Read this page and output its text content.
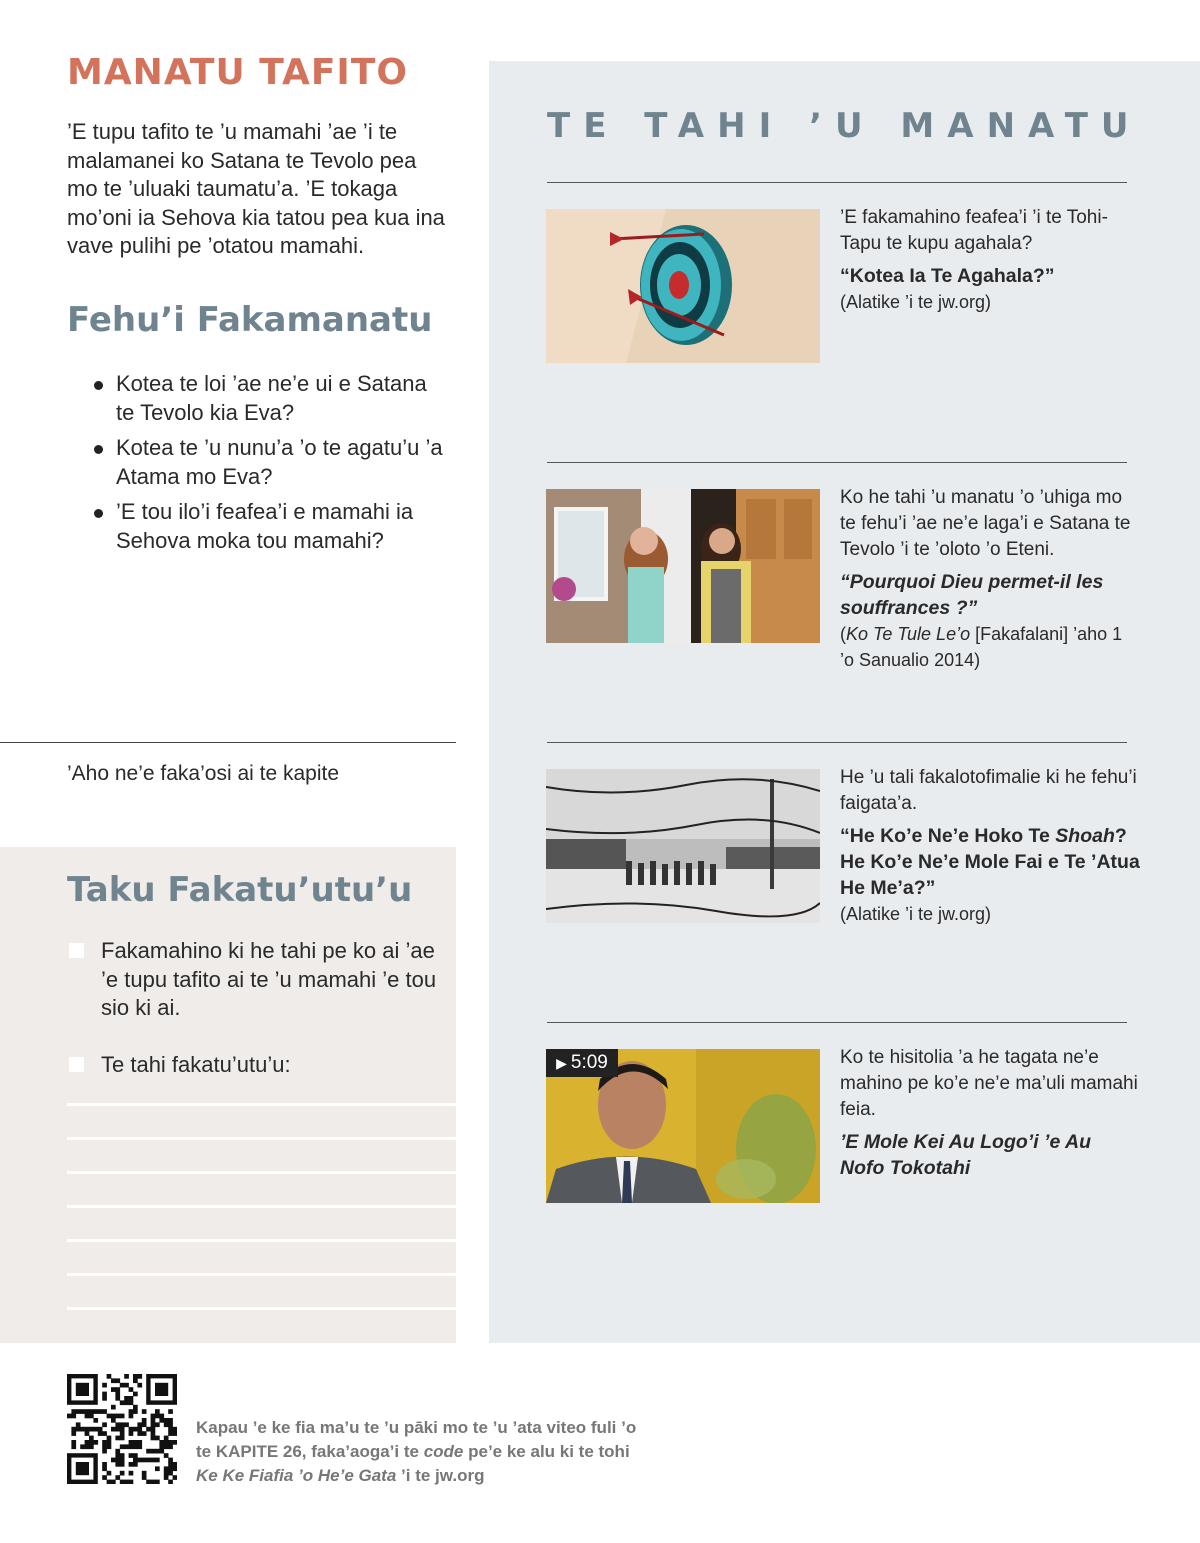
MANATU TAFITO

’E tupu tafito te ’u mamahi ’ae ’i te malamanei ko Satana te Tevolo pea mo te ’uluaki taumatu’a. ’E tokaga mo’oni ia Sehova kia tatou pea kua ina vave pulihi pe ’otatou mamahi.

Fehu’i Fakamanatu
Kotea te loi ’ae ne’e ui e Satana te Tevolo kia Eva?
Kotea te ’u nunu’a ’o te agatu’u ’a Atama mo Eva?
’E tou ilo’i feafea’i e mamahi ia Sehova moka tou mamahi?
’Aho ne’e faka’osi ai te kapite
Taku Fakatu’utu’u
Fakamahino ki he tahi pe ko ai ’ae ’e tupu tafito ai te ’u mamahi ’e tou sio ki ai.
Te tahi fakatu’utu’u:
TE TAHI ’U MANATU
’E fakamahino feafea’i ’i te Tohi-Tapu te kupu agahala?
“Kotea Ia Te Agahala?”
(Alatike ’i te jw.org)
Ko he tahi ’u manatu ’o ’uhiga mo te fehu’i ’ae ne’e laga’i e Satana te Tevolo ’i te ’oloto ’o Eteni.
“Pourquoi Dieu permet-il les souffrances ?”
(Ko Te Tule Le’o [Fakafalani] ’aho 1 ’o Sanualio 2014)
He ’u tali fakalotofimalie ki he fehu’i faigata’a.
“He Ko’e Ne’e Hoko Te Shoah? He Ko’e Ne’e Mole Fai e Te ’Atua He Me’a?”
(Alatike ’i te jw.org)
▶ 5:09	Ko te hisitolia ’a he tagata ne’e mahino pe ko’e ne’e ma’uli mamahi feia.
’E Mole Kei Au Logo’i ’e Au Nofo Tokotahi
Kapau ’e ke fia ma’u te ’u pāki mo te ’u ’ata viteo fuli ’o te KAPITE 26, faka’aoga’i te code pe’e ke alu ki te tohi Ke Ke Fiafia ’o He’e Gata ’i te jw.org
